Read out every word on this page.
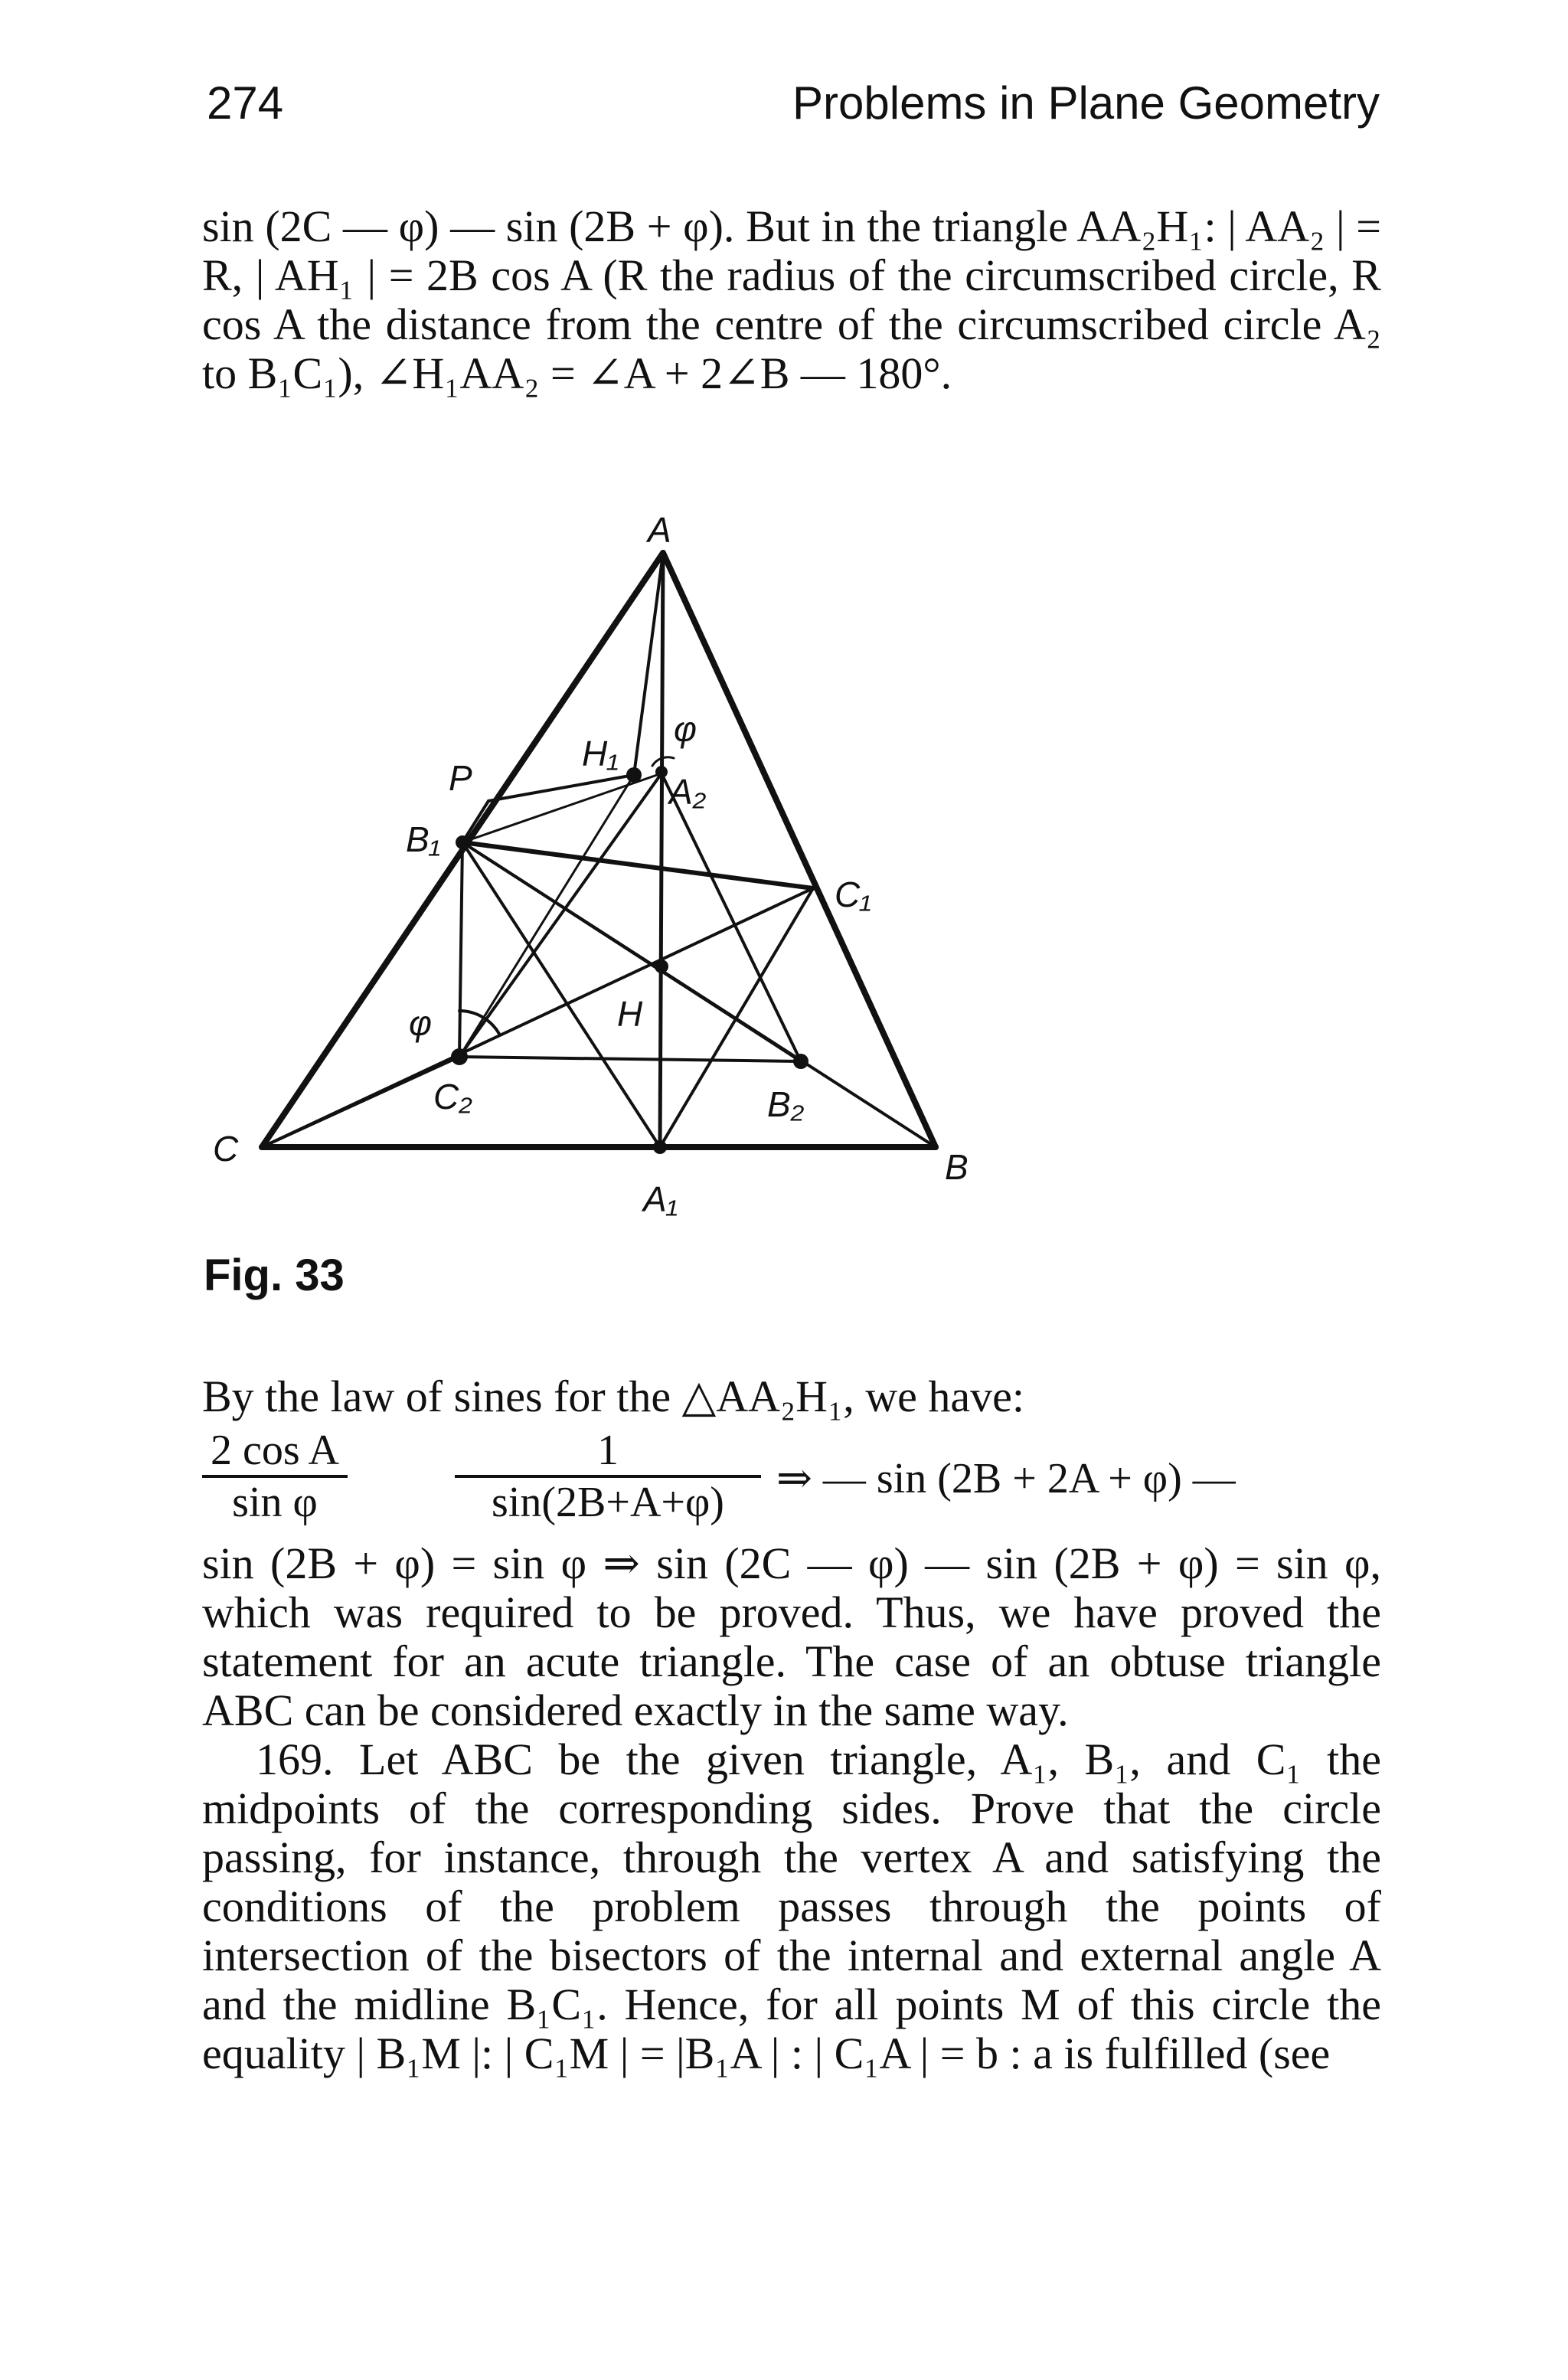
274	Problems in Plane Geometry

sin (2C — φ) — sin (2B + φ). But in the triangle AA₂H₁: | AA₂ | = R, | AH₁ | = 2B cos A (R the radius of the circumscribed circle, R cos A the distance from the centre of the circumscribed circle A₂ to B₁C₁), ∠H₁AA₂ = ∠A + 2∠B — 180°.

A
B
C
A₁
B₁
C₁
A₂
B₂
C₂
H
H₁
P
φ
φ
Fig. 33

By the law of sines for the △AA₂H₁, we have:

$\frac{\text{2 cos A}}{\text{sin φ}}$	$\frac{1}{\sin(2B+A+\varphi)}$ ⇒ — sin (2B + 2A + φ) —

sin (2B + φ) = sin φ ⇒ sin (2C — φ) — sin (2B + φ) = sin φ, which was required to be proved. Thus, we have proved the statement for an acute triangle. The case of an obtuse triangle ABC can be considered exactly in the same way.

169. Let ABC be the given triangle, A₁, B₁, and C₁ the midpoints of the corresponding sides. Prove that the circle passing, for instance, through the vertex A and satisfying the conditions of the problem passes through the points of intersection of the bisectors of the internal and external angle A and the midline B₁C₁. Hence, for all points M of this circle the equality | B₁M |: | C₁M | = |B₁A | : | C₁A | = b : a is fulfilled (see
